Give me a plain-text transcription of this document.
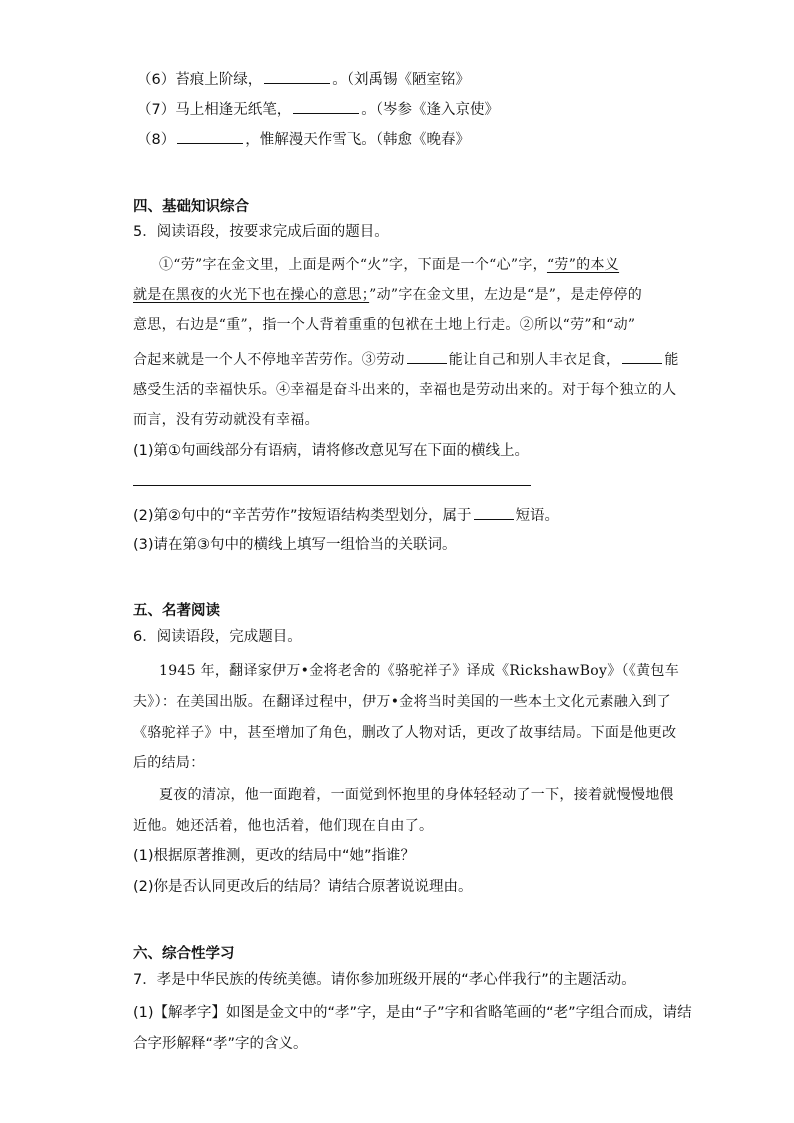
（6）苔痕上阶绿，	。（刘禹锡《陋室铭》
（7）马上相逢无纸笔，	。（岑参《逢入京使》
（8）	，惟解漫天作雪飞。（韩愈《晚春》
四、基础知识综合
5．阅读语段，按要求完成后面的题目。
①“劳”字在金文里，上面是两个“火”字，下面是一个“心”字，“劳”的本义
就是在黑夜的火光下也在操心的意思；”动”字在金文里，左边是“是”，是走停停的
意思，右边是“重”，指一个人背着重重的包袱在土地上行走。②所以“劳”和“动”
合起来就是一个人不停地辛苦劳作。③劳动	能让自己和别人丰衣足食，	能
感受生活的幸福快乐。④幸福是奋斗出来的，幸福也是劳动出来的。对于每个独立的人
而言，没有劳动就没有幸福。
(1)第①句画线部分有语病，请将修改意见写在下面的横线上。
(2)第②句中的“辛苦劳作”按短语结构类型划分，属于	短语。
(3)请在第③句中的横线上填写一组恰当的关联词。
五、名著阅读
6．阅读语段，完成题目。
1945 年，翻译家伊万•金将老舍的《骆驼祥子》译成《RickshawBoy》（《黄包车
夫》）：在美国出版。在翻译过程中，伊万•金将当时美国的一些本土文化元素融入到了
《骆驼祥子》中，甚至增加了角色，删改了人物对话，更改了故事结局。下面是他更改
后的结局：
夏夜的清凉，他一面跑着，一面觉到怀抱里的身体轻轻动了一下，接着就慢慢地偎
近他。她还活着，他也活着，他们现在自由了。
(1)根据原著推测，更改的结局中“她”指谁？
(2)你是否认同更改后的结局？请结合原著说说理由。
六、综合性学习
7．孝是中华民族的传统美德。请你参加班级开展的“孝心伴我行”的主题活动。
(1)【解孝字】如图是金文中的“孝”字，是由“子”字和省略笔画的“老”字组合而成，请结
合字形解释“孝”字的含义。
